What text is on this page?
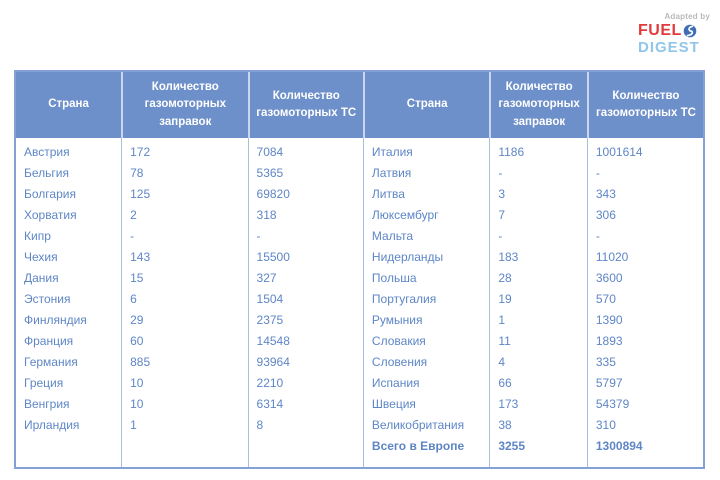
Adapted by
FUEL
DIGEST
Страна	Количество газомоторных заправок	Количество газомоторных ТС	Страна	Количество газомоторных заправок	Количество газомоторных ТС
Австрия	172	7084	Италия	1186	1001614
Бельгия	78	5365	Латвия	-	-
Болгария	125	69820	Литва	3	343
Хорватия	2	318	Люксембург	7	306
Кипр	-	-	Мальта	-	-
Чехия	143	15500	Нидерланды	183	11020
Дания	15	327	Польша	28	3600
Эстония	6	1504	Португалия	19	570
Финляндия	29	2375	Румыния	1	1390
Франция	60	14548	Словакия	11	1893
Германия	885	93964	Словения	4	335
Греция	10	2210	Испания	66	5797
Венгрия	10	6314	Швеция	173	54379
Ирландия	1	8	Великобритания	38	310
			Всего в Европе	3255	1300894
